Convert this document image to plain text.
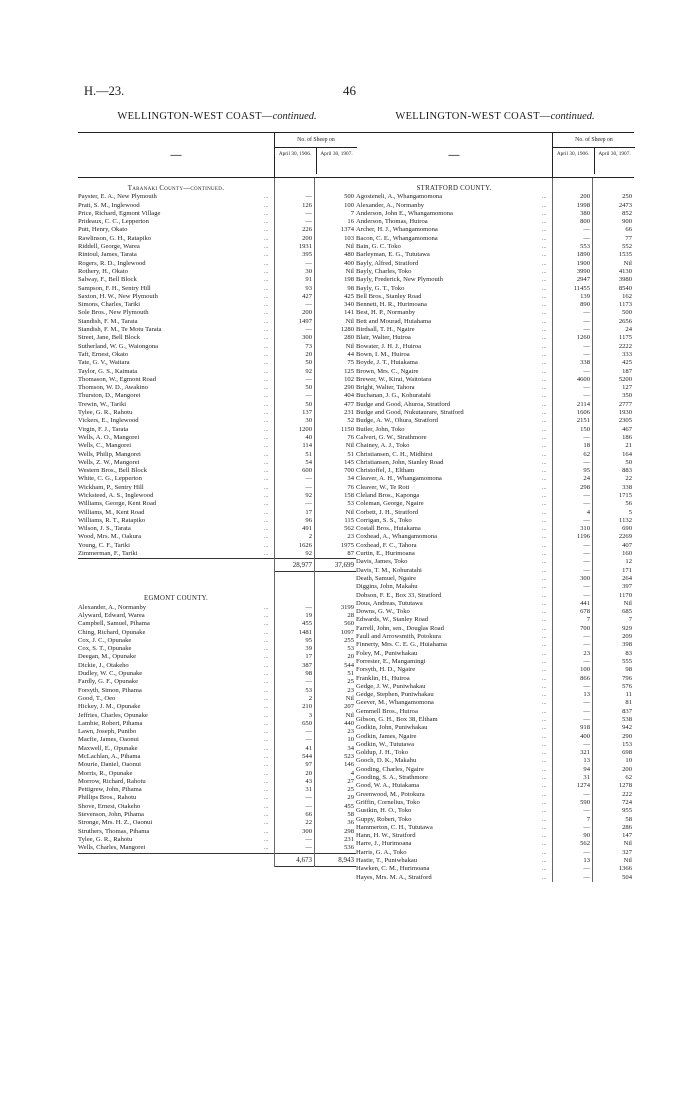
H.—23.	46
WELLINGTON-WEST COAST—continued.
—
No. of Sheep on
April 30, 1906.	April 30, 1907.
Taranaki County—continued.
Payster, E. A., New Plymouth	...	—	500
Pratt, S. M., Inglewood	...	126	100
Price, Richard, Egmont Village	...	—	7
Prideaux, C. C., Lepperton	...	—	16
Putt, Henry, Okato	...	226	1374
Rawlinson, G. H., Ratapiko	...	200	103
Riddell, George, Warea	...	1931	Nil
Rintoul, James, Tarata	...	395	480
Rogers, R. D., Inglewood	...	—	400
Rothery, H., Okato	...	30	Nil
Salway, F., Bell Block	...	91	198
Sampson, F. H., Sentry Hill	...	93	98
Saxton, H. W., New Plymouth	...	427	425
Simons, Charles, Tariki	...	—	340
Sole Bros., New Plymouth	...	200	141
Standish, F. M., Tarata	...	1497	Nil
Standish, F. M., Te Motu Tarata	...	—	1280
Street, Jane, Bell Block	...	300	280
Sutherland, W. G., Waiongona	...	73	Nil
Taft, Ernest, Okato	...	20	44
Tate, G. V., Waitara	...	50	75
Taylor, G. S., Kaimata	...	92	125
Thomason, W., Egmont Road	...	—	102
Thomson, W. D., Awakino	...	50	290
Thurston, D., Mangorei	...	—	404
Trewin, W., Tariki	...	50	477
Tylee, G. R., Rahotu	...	137	231
Vickers, E., Inglewood	...	30	52
Virgin, F. J., Tarata	...	1200	1150
Wells, A. O., Mangorei	...	40	76
Wells, C., Mangorei	...	114	Nil
Wells, Philip, Mangorei	...	51	51
Wells, Z. W., Mangorei	...	54	145
Western Bros., Bell Block	...	600	700
White, C. G., Lepperton	...	—	34
Wickham, P., Sentry Hill	...	—	76
Wicksteed, A. S., Inglewood	...	92	158
Williams, George, Kent Road	...	—	53
Williams, M., Kent Road	...	17	Nil
Williams, R. T., Ratapiko	...	96	115
Wilson, J. S., Tarata	...	491	562
Wood, Mrs. M., Oakura	...	2	23
Young, C. F., Tariki	...	1626	1975
Zimmerman, F., Tariki	...	92	87
28,977	37,699
EGMONT COUNTY.
Alexander, A., Normanby	...	—	3199
Alyward, Edward, Warea	...	19	28
Campbell, Samuel, Pihama	...	455	560
Ching, Richard, Opunake	...	1481	1097
Cox, J. C., Opunake	...	95	255
Cox, S. T., Opunake	...	39	53
Deegan, M., Opunake	...	17	20
Dickie, J., Otakeho	...	387	544
Dudley, W. C., Opunake	...	98	51
Fardly, G. F., Opunake	...	—	25
Forsyth, Simon, Pihama	...	53	23
Good, T., Oeo	...	2	Nil
Hickey, J. M., Opunake	...	210	207
Jeffries, Charles, Opunake	...	3	Nil
Lambie, Robert, Pihama	...	650	440
Lawn, Joseph, Punibo	...	—	23
Macfie, James, Oaonui	...	—	10
Maxwell, E., Opunake	...	41	34
McLachlan, A., Pihama	...	544	523
Mourie, Daniel, Oaonui	...	97	146
Morris, R., Opunake	...	20	4
Morrow, Richard, Rahotu	...	43	27
Pettigrew, John, Pihama	...	31	25
Phillips Bros., Rahotu	...	—	29
Shove, Ernest, Otakeho	...	—	455
Stevenson, John, Pihama	...	66	58
Stronge, Mrs. H. Z., Oaonui	...	22	36
Struthers, Thomas, Pihama	...	300	298
Tylee, G. R., Rahotu	...	—	231
Wells, Charles, Mangorei	...	—	536
4,673	8,943
WELLINGTON-WEST COAST—continued.
—
No. of Sheep on
April 30, 1906.	April 30, 1907.
STRATFORD COUNTY.
Agosteneli, A., Whangamomona	...	200	250
Alexander, A., Normanby	...	1998	2473
Anderson, John E., Whangamomona	...	380	852
Anderson, Thomas, Huiroa	...	800	900
Archer, H. J., Whangamomona	...	—	66
Bacon, C. E., Whangamomona	...	—	77
Bain, G. C. Toko	...	553	552
Barleyman, E. G., Tututawa	...	1890	1535
Bayly, Alfred, Stratford	...	1900	Nil
Bayly, Charles, Toko	...	3990	4130
Bayly, Frederick, New Plymouth	...	2947	3980
Bayly, G. T., Toko	...	11455	8540
Bell Bros., Stanley Road	...	139	162
Bennett, H. R., Hurimoana	...	890	1173
Best, H. P., Normanby	...	—	500
Bett and Mourad, Huiahama	...	—	2656
Birdsall, T. H., Ngaire	...	—	24
Blair, Walter, Huiroa	...	1260	1175
Bowater, J. H. J., Huiroa	...	—	2222
Bown, I. M., Huiroa	...	—	333
Boyde, J. T., Huiakama	...	338	425
Brown, Mrs. C., Ngaire	...	—	187
Brewer, W., Kirai, Waitotara	...	4600	5200
Bright, Walter, Tahora	...	—	127
Buchanan, J. G., Kohuratahi	...	—	350
Budge and Good, Ahuroa, Stratford	...	2114	2777
Budge and Good, Nukutaurare, Stratford	...	1606	1930
Budge, A. W., Ohura, Stratford	...	2151	2305
Butler, John, Toko	...	150	467
Calvert, G. W., Strathmore	...	—	186
Chainey, A. J., Toko	...	18	21
Christiansen, C. H., Midhirst	...	62	164
Christiansen, John, Stanley Road	...	—	50
Christoffel, J., Eltham	...	95	883
Cleaver, A. H., Whangamomona	...	24	22
Cleaver, W., Te Roti	...	298	338
Cleland Bros., Kaponga	...	—	1715
Coleman, George, Ngaire	...	—	56
Corbett, J. H., Stratford	...	4	5
Corrigan, S. S., Toko	...	—	1132
Costall Bros., Huiakama	...	310	690
Coxhead, A., Whangamomona	...	1196	2269
Coxhead, F. C., Tahora	...	—	407
Curtin, E., Hurimoana	...	—	160
Davis, James, Toko	...	—	12
Davis, T. M., Kohuratahi	...	—	171
Death, Samuel, Ngaire	...	300	264
Diggins, John, Makahu	...	—	397
Dobson, F. E., Box 33, Stratford	...	—	1170
Dous, Andreas, Tututawa	...	441	Nil
Downs, G. W., Toko	...	678	685
Edwards, W., Stanley Road	...	7	7
Farrell, John, sen., Douglas Road	...	700	929
Faull and Arrowsmith, Potokura	...	—	209
Finnerty, Mrs. C. E. G., Huiahama	...	—	398
Foley, M., Puniwhakau	...	23	83
Forrester, E., Mangamingi	...	—	555
Forsyth, H. D., Ngaire	...	100	98
Franklin, H., Huiroa	...	866	796
Gedge, J. W., Puniwhakau	...	—	576
Gedge, Stephen, Puniwhakau	...	13	11
Geever, M., Whangamomona	...	—	81
Gemmell Bros., Huiroa	...	—	837
Gibson, G. H., Box 38, Eltham	...	—	538
Godkin, John, Puniwhakau	...	918	942
Godkin, James, Ngaire	...	400	290
Godkin, W., Tututawa	...	—	153
Goldup, J. H., Toko	...	321	698
Gooch, D. K., Makahu	...	13	10
Gooding, Charles, Ngaire	...	94	200
Gooding, S. A., Strathmore	...	31	62
Good, W. A., Huiakama	...	1274	1278
Greenwood, M., Potokura	...	—	222
Griffin, Cornelius, Toko	...	590	724
Gustkin, H. O., Toko	...	—	955
Guppy, Robert, Toko	...	7	58
Hammerton, C. H., Tututawa	...	—	286
Hann, H. W., Stratford	...	90	147
Harre, J., Hurimoana	...	562	Nil
Harris, G. A., Toko	...	—	327
Hastie, T., Puniwhakau	...	13	Nil
Hawken, C. M., Hurimoana	...	—	1366
Hayes, Mrs. M. A., Stratford	...	—	504
